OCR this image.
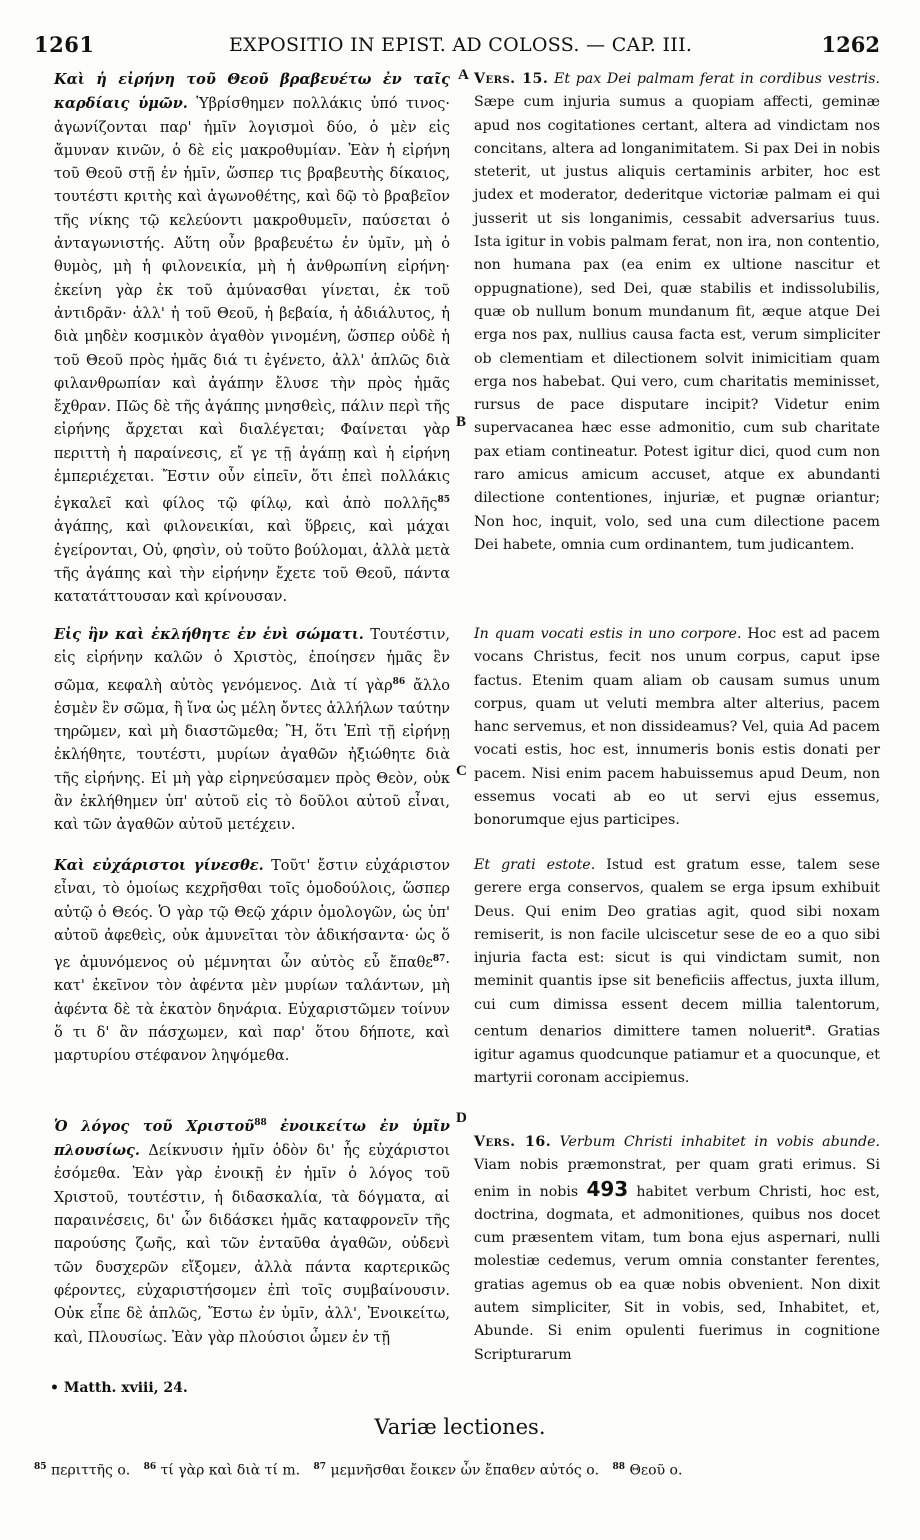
1261	EXPOSITIO IN EPIST. AD COLOSS. — CAP. III.	1262
A
B
C
D

Καὶ ἡ εἰρήνη τοῦ Θεοῦ βραβευέτω ἐν ταῖς καρδίαις ὑμῶν. Ὑβρίσθημεν πολλάκις ὑπό τινος· ἀγωνίζονται παρ' ἡμῖν λογισμοὶ δύο, ὁ μὲν εἰς ἄμυναν κινῶν, ὁ δὲ εἰς μακροθυμίαν. Ἐὰν ἡ εἰρήνη τοῦ Θεοῦ στῇ ἐν ἡμῖν, ὥσπερ τις βραβευτὴς δίκαιος, τουτέστι κριτὴς καὶ ἀγωνοθέτης, καὶ δῷ τὸ βραβεῖον τῆς νίκης τῷ κελεύοντι μακροθυμεῖν, παύσεται ὁ ἀνταγωνιστής. Αὕτη οὖν βραβευέτω ἐν ὑμῖν, μὴ ὁ θυμὸς, μὴ ἡ φιλονεικία, μὴ ἡ ἀνθρωπίνη εἰρήνη· ἐκείνη γὰρ ἐκ τοῦ ἀμύνασθαι γίνεται, ἐκ τοῦ ἀντιδρᾶν· ἀλλ' ἡ τοῦ Θεοῦ, ἡ βεβαία, ἡ ἀδιάλυτος, ἡ διὰ μηδὲν κοσμικὸν ἀγαθὸν γινομένη, ὥσπερ οὐδὲ ἡ τοῦ Θεοῦ πρὸς ἡμᾶς διά τι ἐγένετο, ἀλλ' ἁπλῶς διὰ φιλανθρωπίαν καὶ ἀγάπην ἔλυσε τὴν πρὸς ἡμᾶς ἔχθραν. Πῶς δὲ τῆς ἀγάπης μνησθεὶς, πάλιν περὶ τῆς εἰρήνης ἄρχεται καὶ διαλέγεται; Φαίνεται γὰρ περιττὴ ἡ παραίνεσις, εἴ γε τῇ ἀγάπῃ καὶ ἡ εἰρήνη ἐμπεριέχεται. Ἔστιν οὖν εἰπεῖν, ὅτι ἐπεὶ πολλάκις ἐγκαλεῖ καὶ φίλος τῷ φίλῳ, καὶ ἀπὸ πολλῆς$^{85}$ ἀγάπης, καὶ φιλονεικίαι, καὶ ὕβρεις, καὶ μάχαι ἐγείρονται, Οὐ, φησὶν, οὐ τοῦτο βούλομαι, ἀλλὰ μετὰ τῆς ἀγάπης καὶ τὴν εἰρήνην ἔχετε τοῦ Θεοῦ, πάντα κατατάττουσαν καὶ κρίνουσαν.

Εἰς ἣν καὶ ἐκλήθητε ἐν ἑνὶ σώματι. Τουτέστιν, εἰς εἰρήνην καλῶν ὁ Χριστὸς, ἐποίησεν ἡμᾶς ἓν σῶμα, κεφαλὴ αὐτὸς γενόμενος. Διὰ τί γὰρ$^{86}$ ἄλλο ἐσμὲν ἓν σῶμα, ἢ ἵνα ὡς μέλη ὄντες ἀλλήλων ταύτην τηρῶμεν, καὶ μὴ διαστῶμεθα; Ἢ, ὅτι Ἐπὶ τῇ εἰρήνῃ ἐκλήθητε, τουτέστι, μυρίων ἀγαθῶν ἠξιώθητε διὰ τῆς εἰρήνης. Εἰ μὴ γὰρ εἰρηνεύσαμεν πρὸς Θεὸν, οὐκ ἂν ἐκλήθημεν ὑπ' αὐτοῦ εἰς τὸ δοῦλοι αὐτοῦ εἶναι, καὶ τῶν ἀγαθῶν αὐτοῦ μετέχειν.

Καὶ εὐχάριστοι γίνεσθε. Τοῦτ' ἔστιν εὐχάριστον εἶναι, τὸ ὁμοίως κεχρῆσθαι τοῖς ὁμοδούλοις, ὥσπερ αὐτῷ ὁ Θεός. Ὁ γὰρ τῷ Θεῷ χάριν ὁμολογῶν, ὡς ὑπ' αὐτοῦ ἀφεθεὶς, οὐκ ἀμυνεῖται τὸν ἀδικήσαντα· ὡς ὅ γε ἀμυνόμενος οὐ μέμνηται ὧν αὐτὸς εὖ ἔπαθε$^{87}$· κατ' ἐκεῖνον τὸν ἀφέντα μὲν μυρίων ταλάντων, μὴ ἀφέντα δὲ τὰ ἑκατὸν δηνάρια. Εὐχαριστῶμεν τοίνυν ὅ τι δ' ἂν πάσχωμεν, καὶ παρ' ὅτου δήποτε, καὶ μαρτυρίου στέφανον ληψόμεθα.

Ὁ λόγος τοῦ Χριστοῦ$^{88}$ ἐνοικείτω ἐν ὑμῖν πλουσίως. Δείκνυσιν ἡμῖν ὁδὸν δι' ἧς εὐχάριστοι ἐσόμεθα. Ἐὰν γὰρ ἐνοικῇ ἐν ἡμῖν ὁ λόγος τοῦ Χριστοῦ, τουτέστιν, ἡ διδασκαλία, τὰ δόγματα, αἱ παραινέσεις, δι' ὧν διδάσκει ἡμᾶς καταφρονεῖν τῆς παρούσης ζωῆς, καὶ τῶν ἐνταῦθα ἀγαθῶν, οὐδενὶ τῶν δυσχερῶν εἴξομεν, ἀλλὰ πάντα καρτερικῶς φέροντες, εὐχαριστήσομεν ἐπὶ τοῖς συμβαίνουσιν. Οὐκ εἶπε δὲ ἁπλῶς, Ἔστω ἐν ὑμῖν, ἀλλ', Ἐνοικείτω, καὶ, Πλουσίως. Ἐὰν γὰρ πλούσιοι ὦμεν ἐν τῇ

Vers. 15. Et pax Dei palmam ferat in cordibus vestris. Sæpe cum injuria sumus a quopiam affecti, geminæ apud nos cogitationes certant, altera ad vindictam nos concitans, altera ad longanimitatem. Si pax Dei in nobis steterit, ut justus aliquis certaminis arbiter, hoc est judex et moderator, dederitque victoriæ palmam ei qui jusserit ut sis longanimis, cessabit adversarius tuus. Ista igitur in vobis palmam ferat, non ira, non contentio, non humana pax (ea enim ex ultione nascitur et oppugnatione), sed Dei, quæ stabilis et indissolubilis, quæ ob nullum bonum mundanum fit, æque atque Dei erga nos pax, nullius causa facta est, verum simpliciter ob clementiam et dilectionem solvit inimicitiam quam erga nos habebat. Qui vero, cum charitatis meminisset, rursus de pace disputare incipit? Videtur enim supervacanea hæc esse admonitio, cum sub charitate pax etiam contineatur. Potest igitur dici, quod cum non raro amicus amicum accuset, atque ex abundanti dilectione contentiones, injuriæ, et pugnæ oriantur; Non hoc, inquit, volo, sed una cum dilectione pacem Dei habete, omnia cum ordinantem, tum judicantem.

In quam vocati estis in uno corpore. Hoc est ad pacem vocans Christus, fecit nos unum corpus, caput ipse factus. Etenim quam aliam ob causam sumus unum corpus, quam ut veluti membra alter alterius, pacem hanc servemus, et non dissideamus? Vel, quia Ad pacem vocati estis, hoc est, innumeris bonis estis donati per pacem. Nisi enim pacem habuissemus apud Deum, non essemus vocati ab eo ut servi ejus essemus, bonorumque ejus participes.

Et grati estote. Istud est gratum esse, talem sese gerere erga conservos, qualem se erga ipsum exhibuit Deus. Qui enim Deo gratias agit, quod sibi noxam remiserit, is non facile ulciscetur sese de eo a quo sibi injuria facta est: sicut is qui vindictam sumit, non meminit quantis ipse sit beneficiis affectus, juxta illum, cui cum dimissa essent decem millia talentorum, centum denarios dimittere tamen noluerit$^a$. Gratias igitur agamus quodcunque patiamur et a quocunque, et martyrii coronam accipiemus.

Vers. 16. Verbum Christi inhabitet in vobis abunde. Viam nobis præmonstrat, per quam grati erimus. Si enim in nobis 493 habitet verbum Christi, hoc est, doctrina, dogmata, et admonitiones, quibus nos docet cum præsentem vitam, tum bona ejus aspernari, nulli molestiæ cedemus, verum omnia constanter ferentes, gratias agemus ob ea quæ nobis obvenient. Non dixit autem simpliciter, Sit in vobis, sed, Inhabitet, et, Abunde. Si enim opulenti fuerimus in cognitione Scripturarum

• Matth. xviii, 24.
Variæ lectiones.
$^{85}$ περιττῆς ο. $^{86}$ τί γὰρ καὶ διὰ τί m. $^{87}$ μεμνῆσθαι ἔοικεν ὧν ἔπαθεν αὐτός ο. $^{88}$ Θεοῦ ο.
